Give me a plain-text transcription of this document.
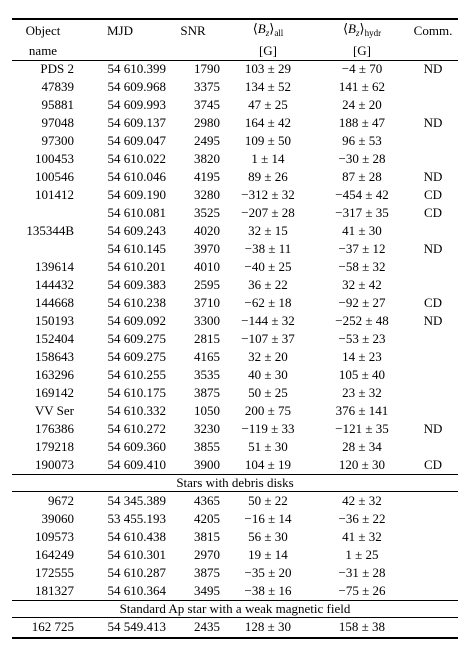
Object	MJD	SNR	$⟨B_z⟩_{all}$	$⟨B_z⟩_{hydr}$	Comm.
name			[G]	[G]	
PDS 2	54 610.399	1790	103 ± 29	−4 ± 70	ND
47839	54 609.968	3375	134 ± 52	141 ± 62	
95881	54 609.993	3745	47 ± 25	24 ± 20	
97048	54 609.137	2980	164 ± 42	188 ± 47	ND
97300	54 609.047	2495	109 ± 50	96 ± 53	
100453	54 610.022	3820	1 ± 14	−30 ± 28	
100546	54 610.046	4195	89 ± 26	87 ± 28	ND
101412	54 609.190	3280	−312 ± 32	−454 ± 42	CD
	54 610.081	3525	−207 ± 28	−317 ± 35	CD
135344B	54 609.243	4020	32 ± 15	41 ± 30	
	54 610.145	3970	−38 ± 11	−37 ± 12	ND
139614	54 610.201	4010	−40 ± 25	−58 ± 32	
144432	54 609.383	2595	36 ± 22	32 ± 42	
144668	54 610.238	3710	−62 ± 18	−92 ± 27	CD
150193	54 609.092	3300	−144 ± 32	−252 ± 48	ND
152404	54 609.275	2815	−107 ± 37	−53 ± 23	
158643	54 609.275	4165	32 ± 20	14 ± 23	
163296	54 610.255	3535	40 ± 30	105 ± 40	
169142	54 610.175	3875	50 ± 25	23 ± 32	
VV Ser	54 610.332	1050	200 ± 75	376 ± 141	
176386	54 610.272	3230	−119 ± 33	−121 ± 35	ND
179218	54 609.360	3855	51 ± 30	28 ± 34	
190073	54 609.410	3900	104 ± 19	120 ± 30	CD
Stars with debris disks					
9672	54 345.389	4365	50 ± 22	42 ± 32	
39060	53 455.193	4205	−16 ± 14	−36 ± 22	
109573	54 610.438	3815	56 ± 30	41 ± 32	
164249	54 610.301	2970	19 ± 14	1 ± 25	
172555	54 610.287	3875	−35 ± 20	−31 ± 28	
181327	54 610.364	3495	−38 ± 16	−75 ± 26	
Standard Ap star with a weak magnetic field					
162 725	54 549.413	2435	128 ± 30	158 ± 38	
